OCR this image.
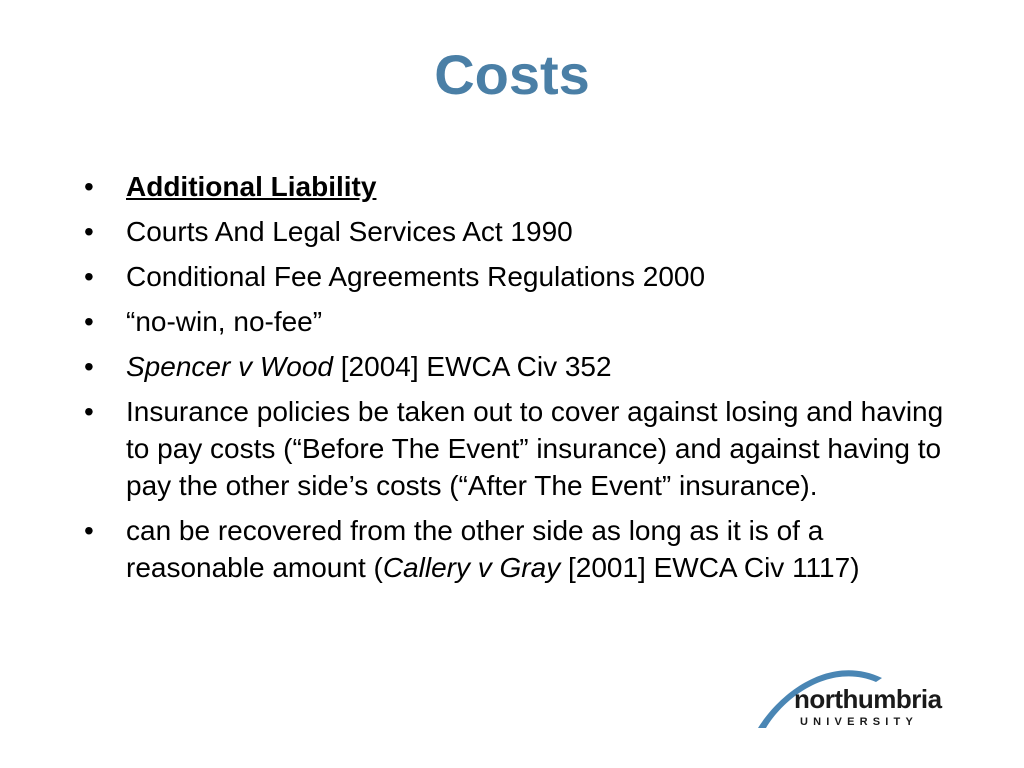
Costs
• Additional Liability
• Courts And Legal Services Act 1990
• Conditional Fee Agreements Regulations 2000
• “no-win, no-fee”
• Spencer v Wood [2004] EWCA Civ 352
• Insurance policies be taken out to cover against losing and having to pay costs (“Before The Event” insurance) and against having to pay the other side’s costs (“After The Event” insurance).
• can be recovered from the other side as long as it is of a reasonable amount (Callery v Gray [2001] EWCA Civ 1117)
northumbria
UNIVERSITY
